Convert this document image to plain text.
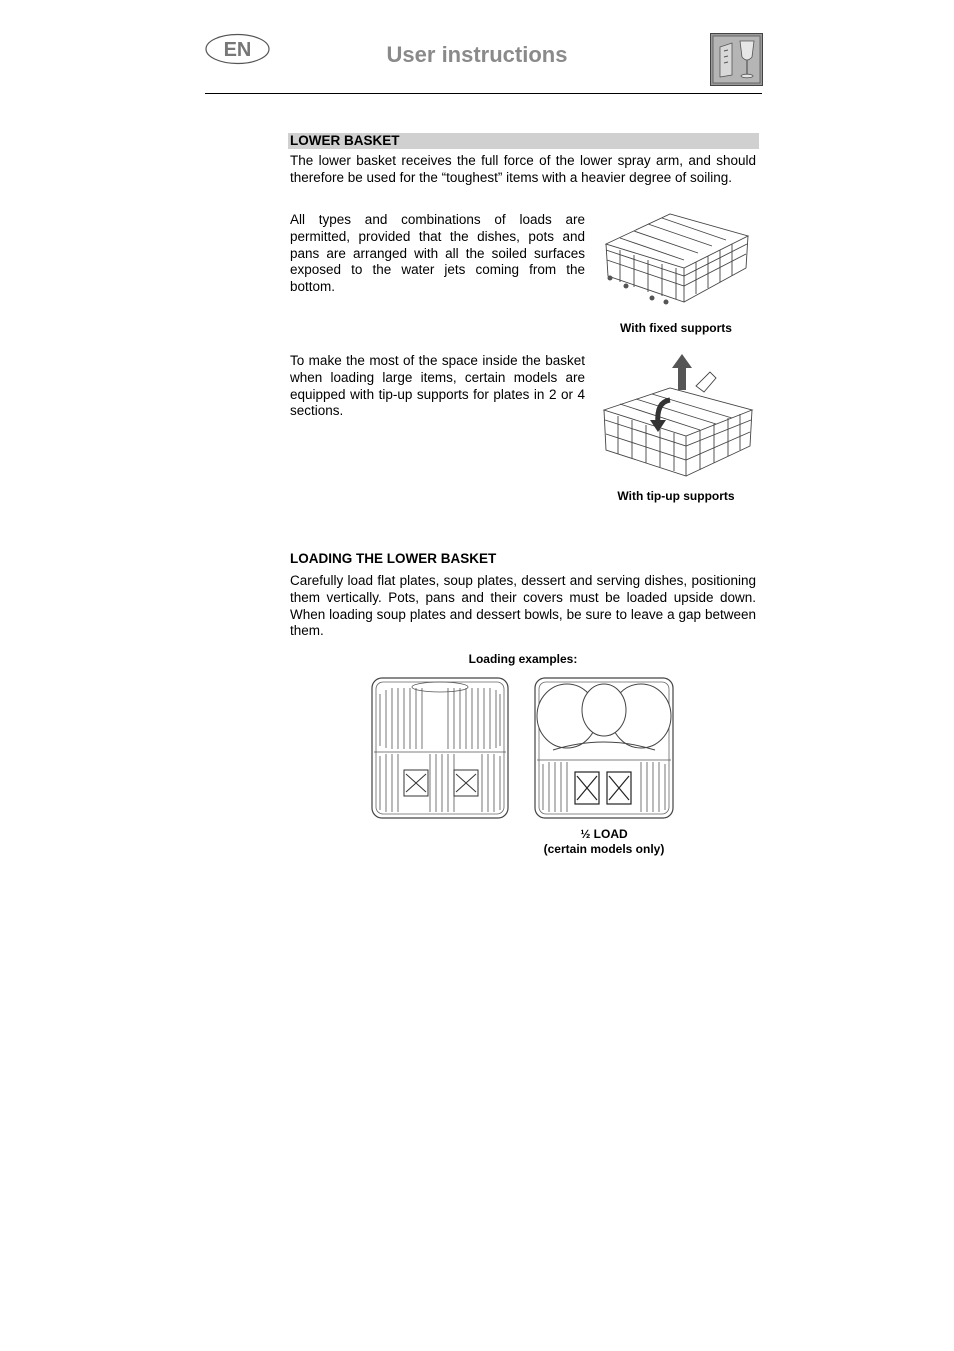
EN	User instructions
LOWER BASKET
The lower basket receives the full force of the lower spray arm, and should therefore be used for the “toughest” items with a heavier degree of soiling.
All types and combinations of loads are permitted, provided that the dishes, pots and pans are arranged with all the soiled surfaces exposed to the water jets coming from the bottom.
With fixed supports
To make the most of the space inside the basket when loading large items, certain models are equipped with tip-up supports for plates in 2 or 4 sections.
With tip-up supports
LOADING THE LOWER BASKET
Carefully load flat plates, soup plates, dessert and serving dishes, positioning them vertically. Pots, pans and their covers must be loaded upside down. When loading soup plates and dessert bowls, be sure to leave a gap between them.
Loading examples:
½ LOAD
(certain models only)
